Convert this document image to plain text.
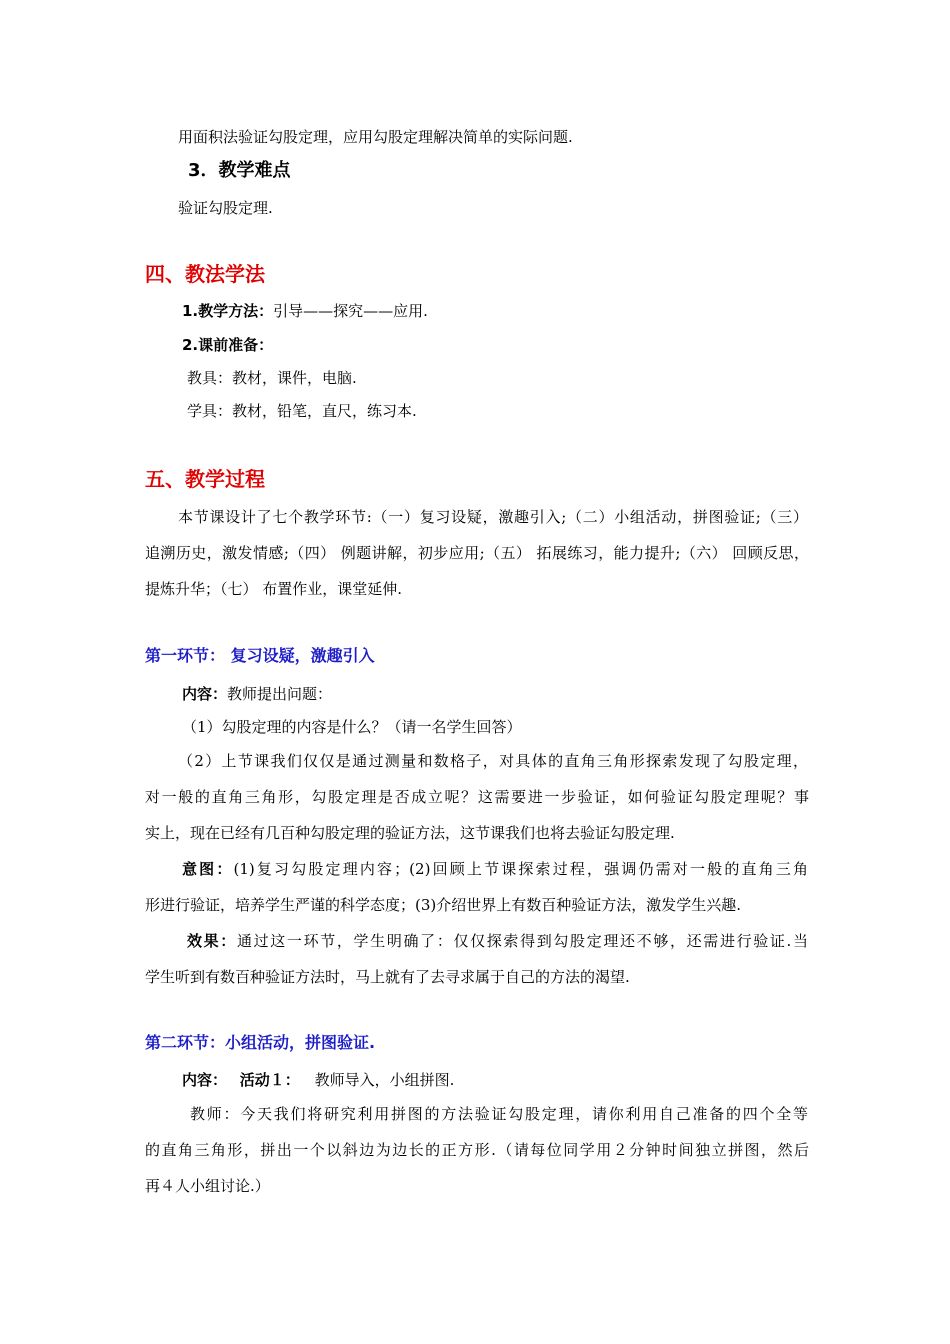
用面积法验证勾股定理，应用勾股定理解决简单的实际问题.
3．教学难点
验证勾股定理.
四、教法学法
1.教学方法：引导——探究——应用.
2.课前准备：
教具：教材，课件，电脑.
学具：教材，铅笔，直尺，练习本.
五、教学过程
本节课设计了七个教学环节:（一）复习设疑，激趣引入;（二）小组活动，拼图验证;（三）
追溯历史，激发情感;（四） 例题讲解，初步应用;（五） 拓展练习，能力提升;（六） 回顾反思，
提炼升华；（七） 布置作业，课堂延伸.
第一环节： 复习设疑，激趣引入
内容：教师提出问题：
（1）勾股定理的内容是什么？（请一名学生回答）
（2）上节课我们仅仅是通过测量和数格子，对具体的直角三角形探索发现了勾股定理，
对一般的直角三角形，勾股定理是否成立呢？这需要进一步验证，如何验证勾股定理呢？事
实上，现在已经有几百种勾股定理的验证方法，这节课我们也将去验证勾股定理.
意图：(1)复习勾股定理内容；(2)回顾上节课探索过程，强调仍需对一般的直角三角
形进行验证，培养学生严谨的科学态度；(3)介绍世界上有数百种验证方法，激发学生兴趣.
效果：通过这一环节，学生明确了：仅仅探索得到勾股定理还不够，还需进行验证.当
学生听到有数百种验证方法时，马上就有了去寻求属于自己的方法的渴望.
第二环节：小组活动，拼图验证.
内容： 活动１： 教师导入，小组拼图.
教师：今天我们将研究利用拼图的方法验证勾股定理，请你利用自己准备的四个全等
的直角三角形，拼出一个以斜边为边长的正方形.（请每位同学用２分钟时间独立拼图，然后
再４人小组讨论.）
